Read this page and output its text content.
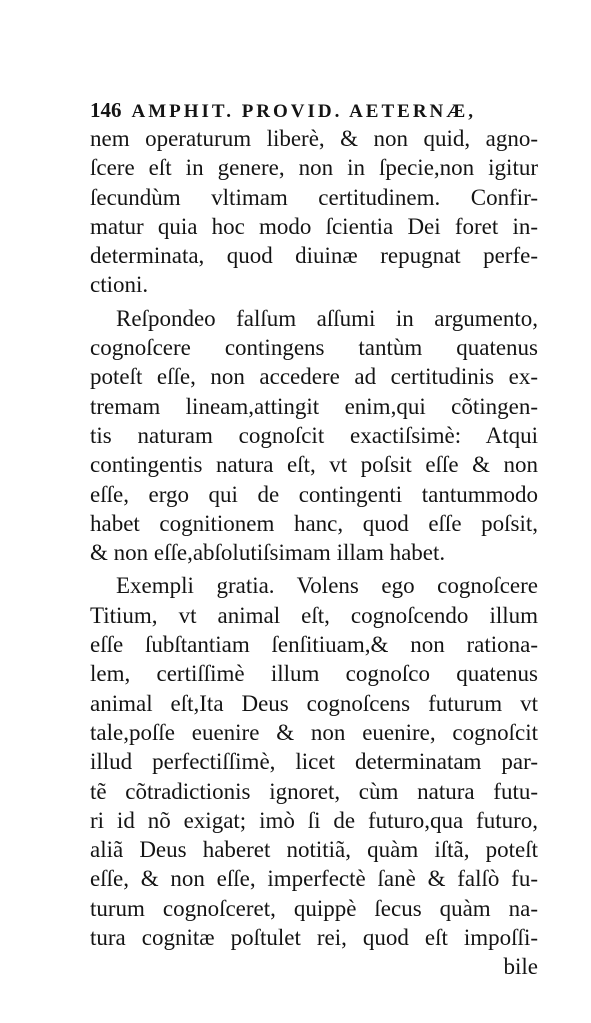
146 AMPHIT. PROVID. AETERNÆ,
nem operaturum liberè, & non quid, agno-
ſcere eſt in genere, non in ſpecie,non igitur
ſecundùm vltimam certitudinem. Confir-
matur quia hoc modo ſcientia Dei foret in-
determinata, quod diuinæ repugnat perfe-
ctioni.
Reſpondeo falſum aſſumi in argumento,
cognoſcere contingens tantùm quatenus
poteſt eſſe, non accedere ad certitudinis ex-
tremam lineam,attingit enim,qui cõtingen-
tis naturam cognoſcit exactiſsimè: Atqui
contingentis natura eſt, vt poſsit eſſe & non
eſſe, ergo qui de contingenti tantummodo
habet cognitionem hanc, quod eſſe poſsit,
& non eſſe,abſolutiſsimam illam habet.
Exempli gratia. Volens ego cognoſcere
Titium, vt animal eſt, cognoſcendo illum
eſſe ſubſtantiam ſenſitiuam,& non rationa-
lem, certiſſimè illum cognoſco quatenus
animal eſt,Ita Deus cognoſcens futurum vt
tale,poſſe euenire & non euenire, cognoſcit
illud perfectiſſimè, licet determinatam par-
tẽ cõtradictionis ignoret, cùm natura futu-
ri id nõ exigat; imò ſi de futuro,qua futuro,
aliã Deus haberet notitiã, quàm iſtã, poteſt
eſſe, & non eſſe, imperfectè ſanè & falſò fu-
turum cognoſceret, quippè ſecus quàm na-
tura cognitæ poſtulet rei, quod eſt impoſſi-
bile
